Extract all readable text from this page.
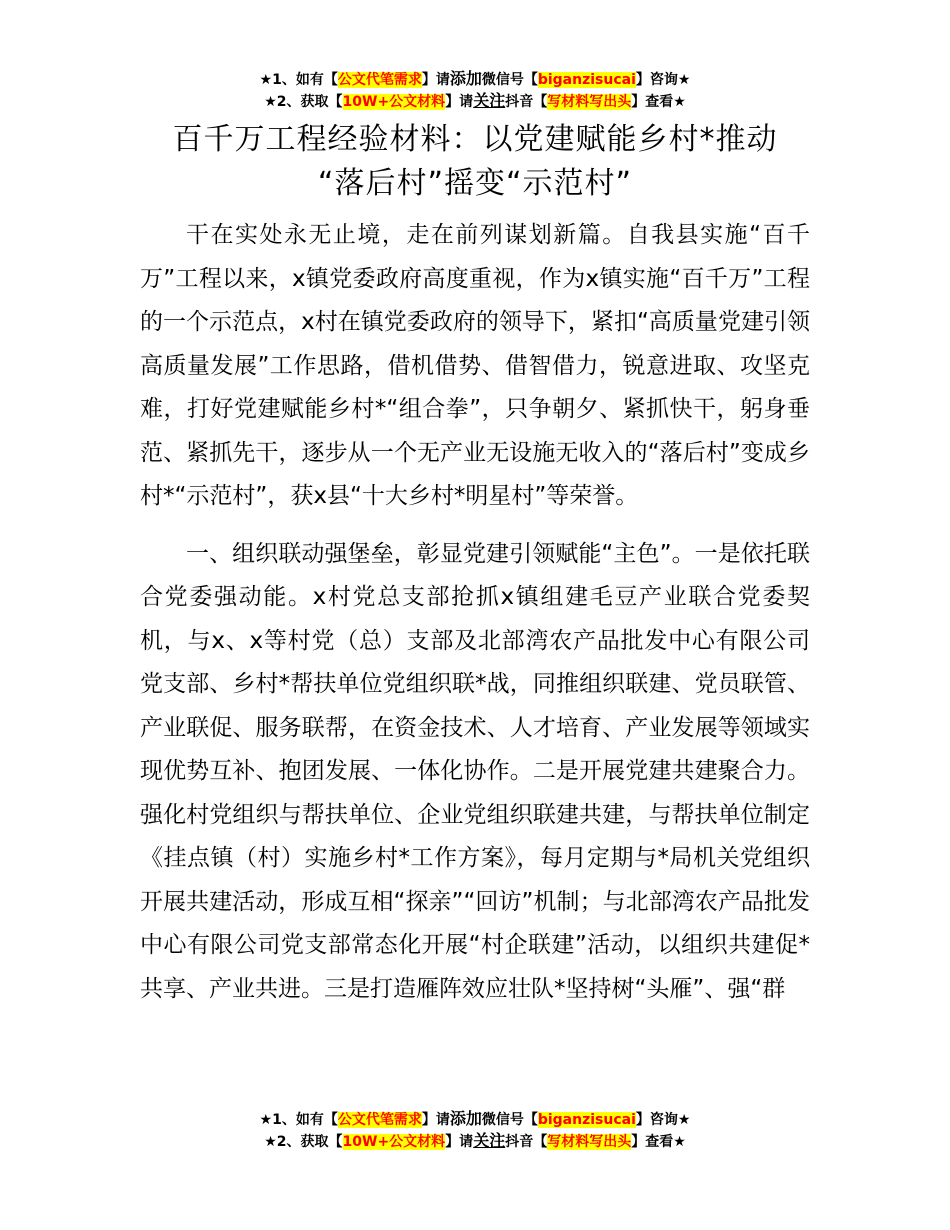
★1、如有【公文代笔需求】请添加微信号【biganzisucai】咨询★
★2、获取【10W+公文材料】请关注抖音【写材料写出头】查看★
百千万工程经验材料：以党建赋能乡村*推动
“落后村”摇变“示范村”

干在实处永无止境，走在前列谋划新篇。自我县实施“百千万”工程以来，x镇党委政府高度重视，作为x镇实施“百千万”工程的一个示范点，x村在镇党委政府的领导下，紧扣“高质量党建引领高质量发展”工作思路，借机借势、借智借力，锐意进取、攻坚克难，打好党建赋能乡村*“组合拳”，只争朝夕、紧抓快干，躬身垂范、紧抓先干，逐步从一个无产业无设施无收入的“落后村”变成乡村*“示范村”，获x县“十大乡村*明星村”等荣誉。

一、组织联动强堡垒，彰显党建引领赋能“主色”。一是依托联合党委强动能。x村党总支部抢抓x镇组建毛豆产业联合党委契机，与x、x等村党（总）支部及北部湾农产品批发中心有限公司党支部、乡村*帮扶单位党组织联*战，同推组织联建、党员联管、产业联促、服务联帮，在资金技术、人才培育、产业发展等领域实现优势互补、抱团发展、一体化协作。二是开展党建共建聚合力。强化村党组织与帮扶单位、企业党组织联建共建，与帮扶单位制定《挂点镇（村）实施乡村*工作方案》，每月定期与*局机关党组织开展共建活动，形成互相“探亲”“回访”机制；与北部湾农产品批发中心有限公司党支部常态化开展“村企联建”活动，以组织共建促*共享、产业共进。三是打造雁阵效应壮队*坚持树“头雁”、强“群

★1、如有【公文代笔需求】请添加微信号【biganzisucai】咨询★
★2、获取【10W+公文材料】请关注抖音【写材料写出头】查看★
